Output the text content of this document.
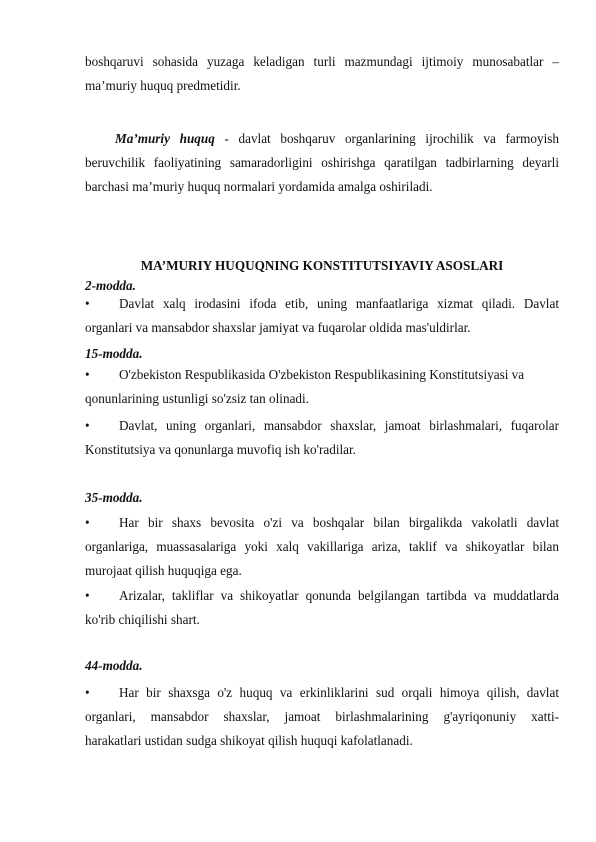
boshqaruvi sohasida yuzaga keladigan turli mazmundagi ijtimoiy munosabatlar –
ma’muriy huquq predmetidir.
Ma’muriy huquq - davlat boshqaruv organlarining ijrochilik va farmoyish
beruvchilik faoliyatining samaradorligini oshirishga qaratilgan tadbirlarning deyarli
barchasi ma’muriy huquq normalari yordamida amalga oshiriladi.
MA’MURIY HUQUQNING KONSTITUTSIYAVIY ASOSLARI
2-modda.
•	Davlat xalq irodasini ifoda etib, uning manfaatlariga xizmat qiladi. Davlat
organlari va mansabdor shaxslar jamiyat va fuqarolar oldida mas'uldirlar.
15-modda.
•	O'zbekiston Respublikasida O'zbekiston Respublikasining Konstitutsiyasi va
qonunlarining ustunligi so'zsiz tan olinadi.
•	Davlat, uning organlari, mansabdor shaxslar, jamoat birlashmalari, fuqarolar
Konstitutsiya va qonunlarga muvofiq ish ko'radilar.
35-modda.
•	Har bir shaxs bevosita o'zi va boshqalar bilan birgalikda vakolatli davlat
organlariga, muassasalariga yoki xalq vakillariga ariza, taklif va shikoyatlar bilan
murojaat qilish huquqiga ega.
•	Arizalar, takliflar va shikoyatlar qonunda belgilangan tartibda va muddatlarda
ko'rib chiqilishi shart.
44-modda.
•	Har bir shaxsga o'z huquq va erkinliklarini sud orqali himoya qilish, davlat
organlari, mansabdor shaxslar, jamoat birlashmalarining g'ayriqonuniy xatti-
harakatlari ustidan sudga shikoyat qilish huquqi kafolatlanadi.
